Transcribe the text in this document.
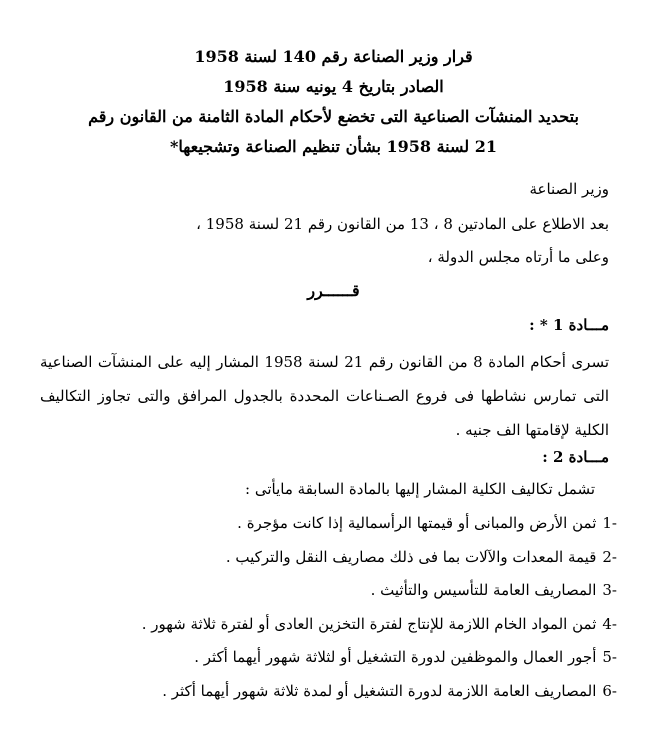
قرار وزير الصناعة رقم 140 لسنة 1958
الصادر بتاريخ 4 يونيه سنة 1958
بتحديد المنشآت الصناعية التى تخضع لأحكام المادة الثامنة من القانون رقم
21 لسنة 1958 بشأن تنظيم الصناعة وتشجيعها*
وزير الصناعة
بعد الاطلاع على المادتين 8 ، 13 من القانون رقم 21 لسنة 1958 ،
وعلى ما أرتاه مجلس الدولة ،
قــــــرر
مـــادة 1 * :
تسرى أحكام المادة 8 من القانون رقم 21 لسنة 1958 المشار إليه على المنشآت الصناعية التى تمارس نشاطها فى فروع الصـناعات المحددة بالجدول المرافق والتى تجاوز التكاليف الكلية لإقامتها الف جنيه .
مـــادة 2 :
تشمل تكاليف الكلية المشار إليها بالمادة السابقة مايأتى :
-1ثمن الأرض والمبانى أو قيمتها الرأسمالية إذا كانت مؤجرة .
-2قيمة المعدات والآلات بما فى ذلك مصاريف النقل والتركيب .
-3المصاريف العامة للتأسيس والتأثيث .
-4ثمن المواد الخام اللازمة للإنتاج لفترة التخزين العادى أو لفترة ثلاثة شهور .
-5أجور العمال والموظفين لدورة التشغيل أو لثلاثة شهور أيهما أكثر .
-6المصاريف العامة اللازمة لدورة التشغيل أو لمدة ثلاثة شهور أيهما أكثر .
